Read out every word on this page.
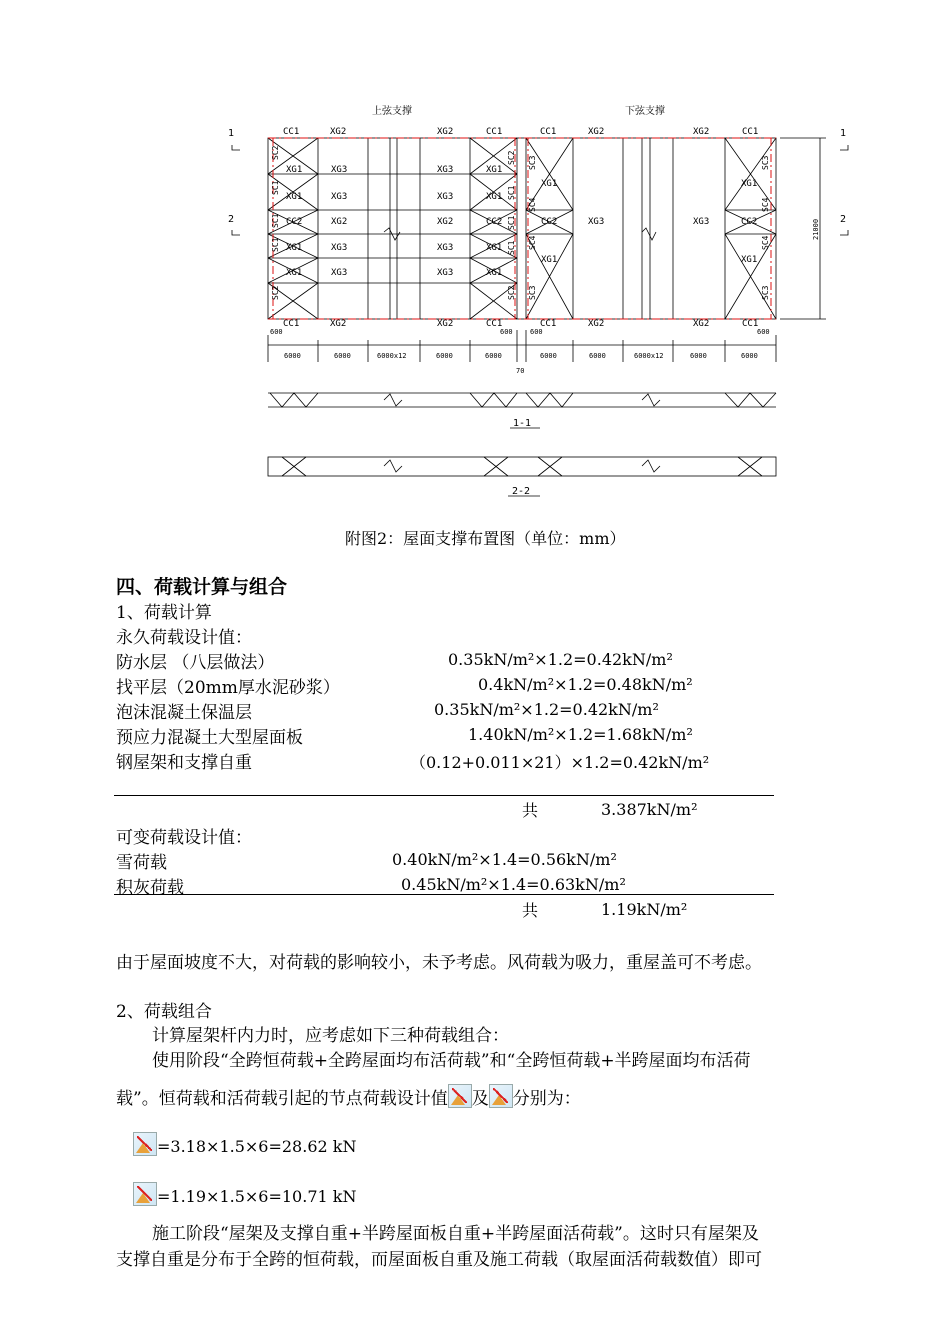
上弦支撑	下弦支撑
1
2
1
2
CC1	XG2	XG2	CC1	CC1	XG2	XG2	CC1
XG1	XG3	XG3	XG1
XG1	XG3	XG3	XG1
XG1	XG1
CC2	XG2	XG2	CC2	CC2	XG3	XG3	CC2
XG1	XG3	XG3	XG1
XG1	XG1
XG1	XG3	XG3	XG1
CC1	XG2	XG2	CC1	CC1	XG2	XG2	CC1
SC2
SC1
SC1
SC1
SC2
SC2
SC1
SC1
SC1
SC2
SC3
SC4
SC4
SC3
SC3
SC4
SC4
SC3
21000
600	600 600	600
6000	6000	6000x12	6000	6000	6000	6000	6000x12	6000	6000
70
1-1
2-2
附图2：屋面支撑布置图（单位：mm）
四、荷载计算与组合
1、荷载计算
永久荷载设计值：
防水层 （八层做法）	0.35kN/m²×1.2=0.42kN/m²
找平层（20mm厚水泥砂浆）	0.4kN/m²×1.2=0.48kN/m²
泡沫混凝土保温层	0.35kN/m²×1.2=0.42kN/m²
预应力混凝土大型屋面板	1.40kN/m²×1.2=1.68kN/m²
钢屋架和支撑自重	（0.12+0.011×21）×1.2=0.42kN/m²
共	3.387kN/m²
可变荷载设计值：
雪荷载	0.40kN/m²×1.4=0.56kN/m²
积灰荷载	0.45kN/m²×1.4=0.63kN/m²
共	1.19kN/m²
由于屋面坡度不大，对荷载的影响较小，未予考虑。风荷载为吸力，重屋盖可不考虑。
2、荷载组合
计算屋架杆内力时，应考虑如下三种荷载组合：
使用阶段“全跨恒荷载+全跨屋面均布活荷载”和“全跨恒荷载+半跨屋面均布活荷
载”。恒荷载和活荷载引起的节点荷载设计值 及 分别为：
=3.18×1.5×6=28.62 kN
=1.19×1.5×6=10.71 kN
施工阶段“屋架及支撑自重+半跨屋面板自重+半跨屋面活荷载”。这时只有屋架及
支撑自重是分布于全跨的恒荷载，而屋面板自重及施工荷载（取屋面活荷载数值）即可
